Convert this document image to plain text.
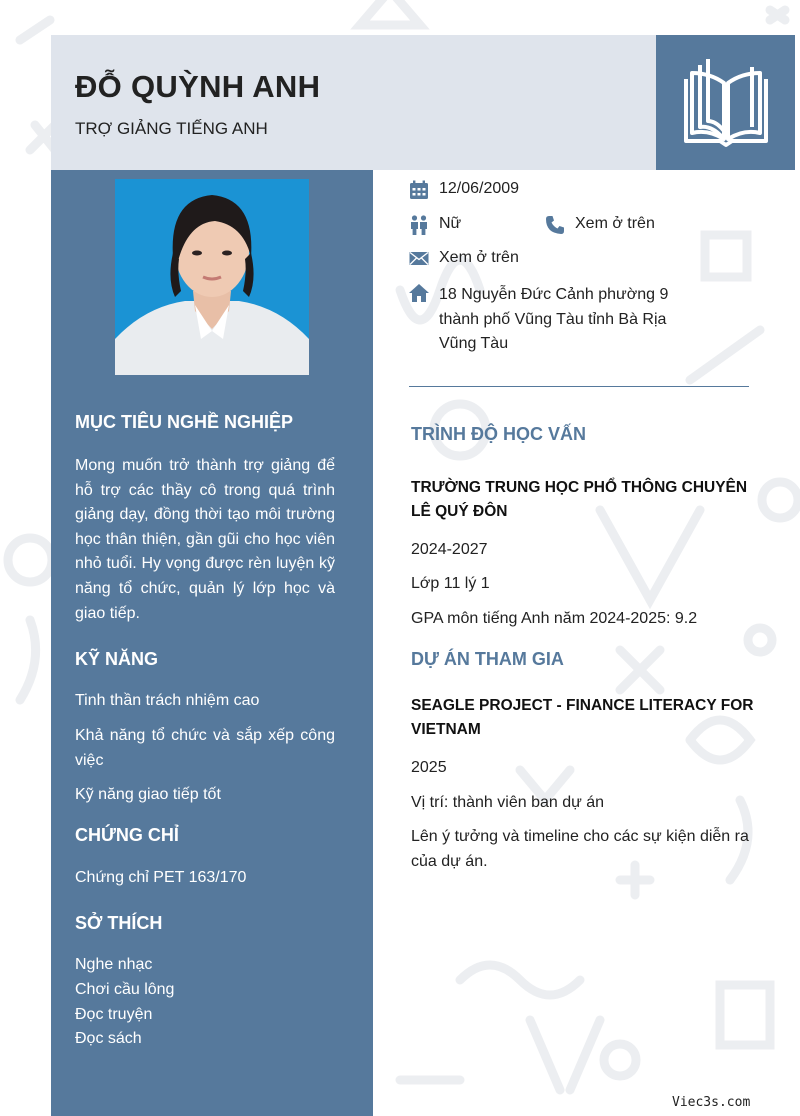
ĐỖ QUỲNH ANH
TRỢ GIẢNG TIẾNG ANH
MỤC TIÊU NGHỀ NGHIỆP
Mong muốn trở thành trợ giảng để hỗ trợ các thầy cô trong quá trình giảng dạy, đồng thời tạo môi trường học thân thiện, gần gũi cho học viên nhỏ tuổi. Hy vọng được rèn luyện kỹ năng tổ chức, quản lý lớp học và giao tiếp.
KỸ NĂNG
Tinh thần trách nhiệm cao
Khả năng tổ chức và sắp xếp công việc
Kỹ năng giao tiếp tốt
CHỨNG CHỈ
Chứng chỉ PET 163/170
SỞ THÍCH
Nghe nhạc
Chơi cầu lông
Đọc truyện
Đọc sách
12/06/2009
Nữ	Xem ở trên
Xem ở trên
18 Nguyễn Đức Cảnh phường 9 thành phố Vũng Tàu tỉnh Bà Rịa Vũng Tàu
TRÌNH ĐỘ HỌC VẤN
TRƯỜNG TRUNG HỌC PHỔ THÔNG CHUYÊN LÊ QUÝ ĐÔN
2024-2027
Lớp 11 lý 1
GPA môn tiếng Anh năm 2024-2025: 9.2
DỰ ÁN THAM GIA
SEAGLE PROJECT - FINANCE LITERACY FOR VIETNAM
2025
Vị trí: thành viên ban dự án
Lên ý tưởng và timeline cho các sự kiện diễn ra của dự án.
Viec3s.com
